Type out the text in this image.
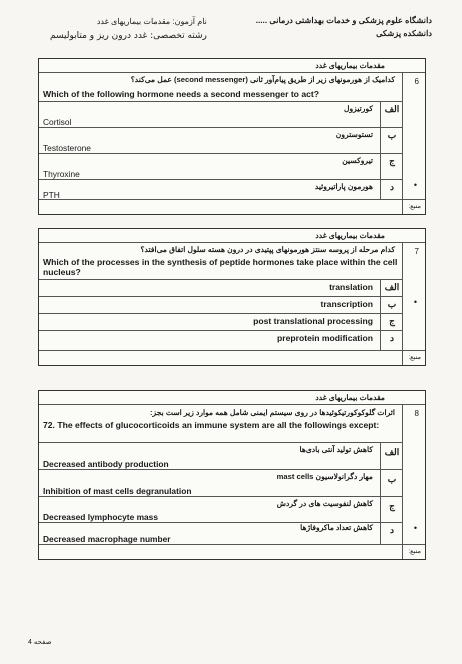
دانشگاه علوم پزشکی و خدمات بهداشتی درمانی .....
دانشکده پزشکی
نام آزمون: مقدمات بیماریهای غدد
رشته تخصصی: غدد درون ریز و متابولیسم
مقدمات بیماریهای غدد
6
کدامیک از هورمونهای زیر از طریق پیام‌آور ثانی (second messenger) عمل می‌کند؟
Which of the following hormone needs a second messenger to act?
کورتیزول	الف
Cortisol
تستوسترون	ب
Testosterone
تیروکسین	ج
Thyroxine
هورمون پاراتیروئید	د	•
PTH
منبع:
مقدمات بیماریهای غدد
7
کدام مرحله از پروسه سنتز هورمونهای پپتیدی در درون هسته سلول اتفاق می‌افتد؟
Which of the processes in the synthesis of peptide hormones take place within the cell nucleus?
translation	الف
transcription	ب	•
post translational processing	ج
preprotein modification	د
منبع:
مقدمات بیماریهای غدد
8
اثرات گلوکوکورتیکوئیدها در روی سیستم ایمنی شامل همه موارد زیر است بجز:
72. The effects of glucocorticoids an immune system are all the followings except:
کاهش تولید آنتی بادی‌ها	الف
Decreased antibody production
مهار دگرانولاسیون mast cells	ب
Inhibition of mast cells degranulation
کاهش لنفوسیت های در گردش	ج
Decreased lymphocyte mass
کاهش تعداد ماکروفاژها	د	•
Decreased macrophage number
منبع:
صفحه 4
